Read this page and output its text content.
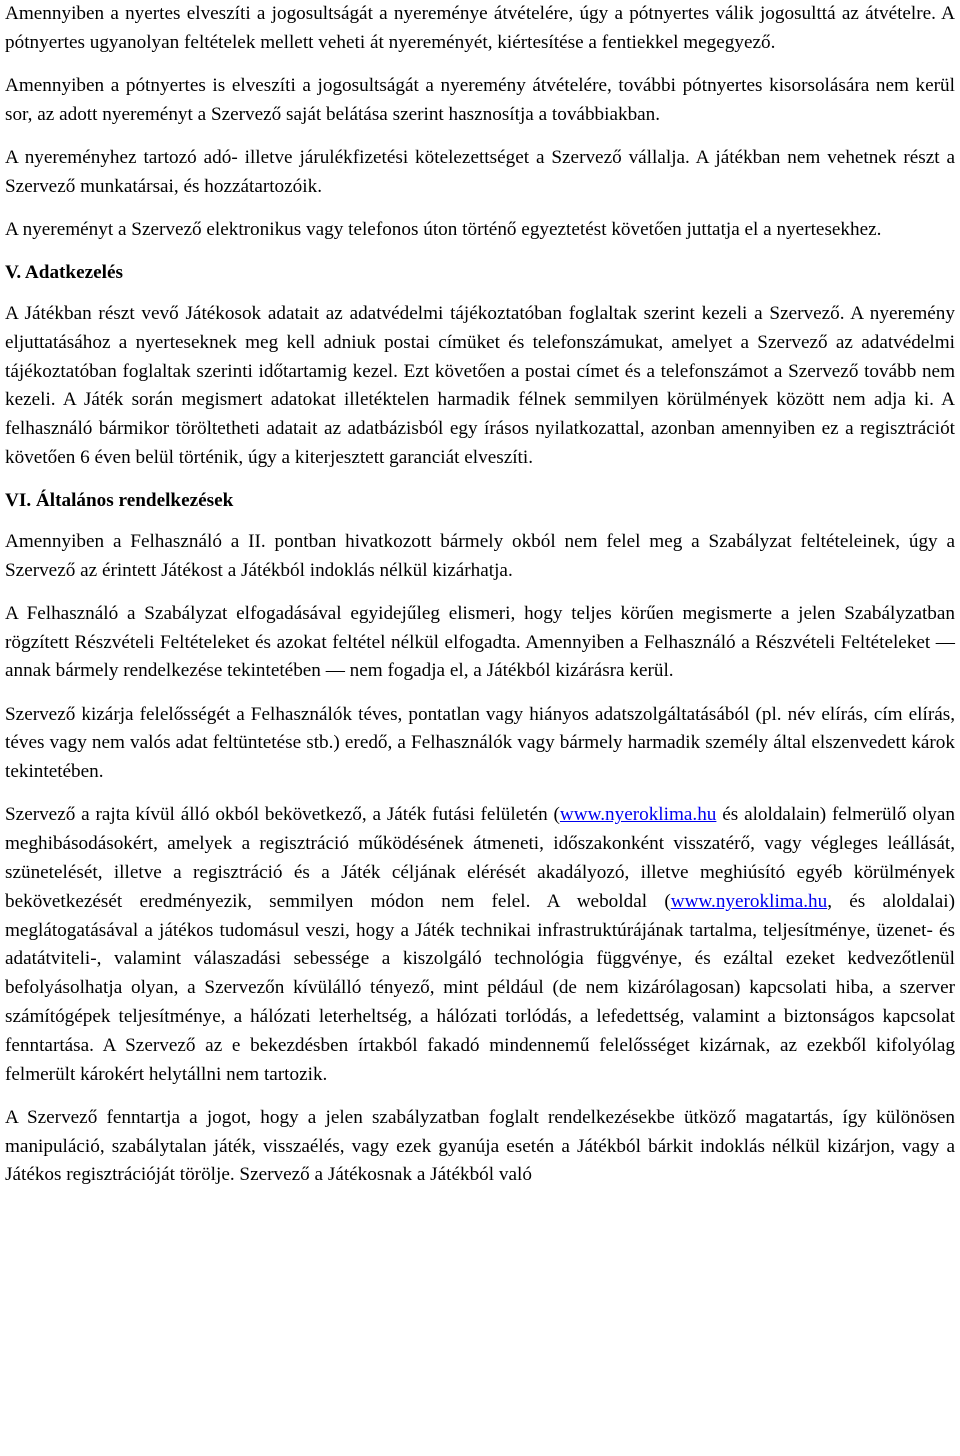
Amennyiben a nyertes elveszíti a jogosultságát a nyereménye átvételére, úgy a pótnyertes válik jogosulttá az átvételre. A pótnyertes ugyanolyan feltételek mellett veheti át nyereményét, kiértesítése a fentiekkel megegyező.

Amennyiben a pótnyertes is elveszíti a jogosultságát a nyeremény átvételére, további pótnyertes kisorsolására nem kerül sor, az adott nyereményt a Szervező saját belátása szerint hasznosítja a továbbiakban.

A nyereményhez tartozó adó- illetve járulékfizetési kötelezettséget a Szervező vállalja. A játékban nem vehetnek részt a Szervező munkatársai, és hozzátartozóik.

A nyereményt a Szervező elektronikus vagy telefonos úton történő egyeztetést követően juttatja el a nyertesekhez.

V. Adatkezelés

A Játékban részt vevő Játékosok adatait az adatvédelmi tájékoztatóban foglaltak szerint kezeli a Szervező. A nyeremény eljuttatásához a nyerteseknek meg kell adniuk postai címüket és telefonszámukat, amelyet a Szervező az adatvédelmi tájékoztatóban foglaltak szerinti időtartamig kezel. Ezt követően a postai címet és a telefonszámot a Szervező tovább nem kezeli. A Játék során megismert adatokat illetéktelen harmadik félnek semmilyen körülmények között nem adja ki. A felhasználó bármikor töröltetheti adatait az adatbázisból egy írásos nyilatkozattal, azonban amennyiben ez a regisztrációt követően 6 éven belül történik, úgy a kiterjesztett garanciát elveszíti.

VI. Általános rendelkezések

Amennyiben a Felhasználó a II. pontban hivatkozott bármely okból nem felel meg a Szabályzat feltételeinek, úgy a Szervező az érintett Játékost a Játékból indoklás nélkül kizárhatja.

A Felhasználó a Szabályzat elfogadásával egyidejűleg elismeri, hogy teljes körűen megismerte a jelen Szabályzatban rögzített Részvételi Feltételeket és azokat feltétel nélkül elfogadta. Amennyiben a Felhasználó a Részvételi Feltételeket — annak bármely rendelkezése tekintetében — nem fogadja el, a Játékból kizárásra kerül.

Szervező kizárja felelősségét a Felhasználók téves, pontatlan vagy hiányos adatszolgáltatásából (pl. név elírás, cím elírás, téves vagy nem valós adat feltüntetése stb.) eredő, a Felhasználók vagy bármely harmadik személy által elszenvedett károk tekintetében.

Szervező a rajta kívül álló okból bekövetkező, a Játék futási felületén (www.nyeroklima.hu és aloldalain) felmerülő olyan meghibásodásokért, amelyek a regisztráció működésének átmeneti, időszakonként visszatérő, vagy végleges leállását, szünetelését, illetve a regisztráció és a Játék céljának elérését akadályozó, illetve meghiúsító egyéb körülmények bekövetkezését eredményezik, semmilyen módon nem felel. A weboldal (www.nyeroklima.hu, és aloldalai) meglátogatásával a játékos tudomásul veszi, hogy a Játék technikai infrastruktúrájának tartalma, teljesítménye, üzenet- és adatátviteli-, valamint válaszadási sebessége a kiszolgáló technológia függvénye, és ezáltal ezeket kedvezőtlenül befolyásolhatja olyan, a Szervezőn kívülálló tényező, mint például (de nem kizárólagosan) kapcsolati hiba, a szerver számítógépek teljesítménye, a hálózati leterheltség, a hálózati torlódás, a lefedettség, valamint a biztonságos kapcsolat fenntartása. A Szervező az e bekezdésben írtakból fakadó mindennemű felelősséget kizárnak, az ezekből kifolyólag felmerült károkért helytállni nem tartozik.

A Szervező fenntartja a jogot, hogy a jelen szabályzatban foglalt rendelkezésekbe ütköző magatartás, így különösen manipuláció, szabálytalan játék, visszaélés, vagy ezek gyanúja esetén a Játékból bárkit indoklás nélkül kizárjon, vagy a Játékos regisztrációját törölje. Szervező a Játékosnak a Játékból való
